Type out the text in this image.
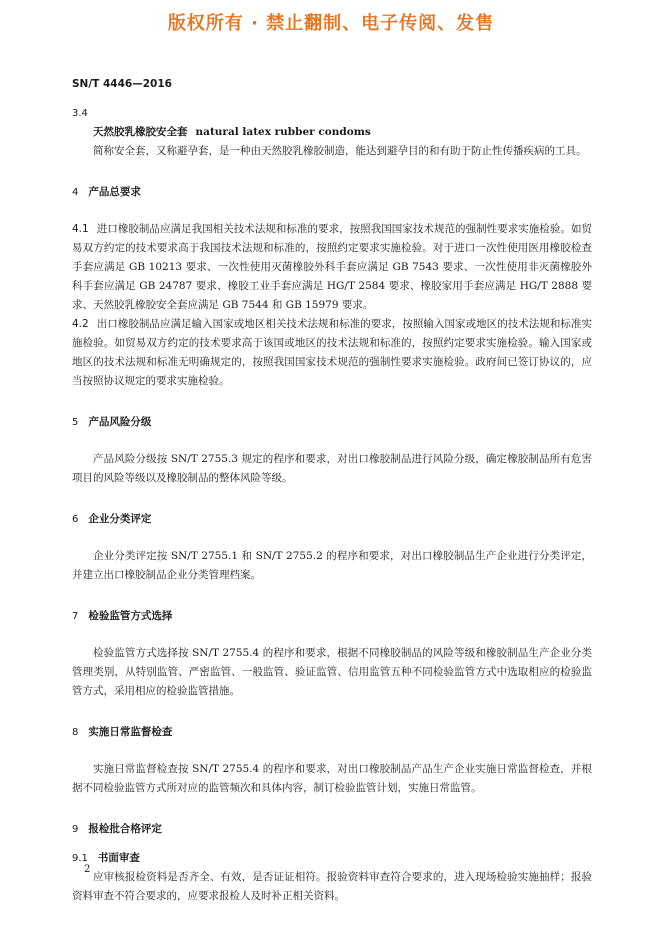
版权所有 · 禁止翻制、电子传阅、发售
SN/T 4446—2016
3.4
天然胶乳橡胶安全套 natural latex rubber condoms

简称安全套，又称避孕套，是一种由天然胶乳橡胶制造，能达到避孕目的和有助于防止性传播疾病的工具。

4 产品总要求

4.1 进口橡胶制品应满足我国相关技术法规和标准的要求，按照我国国家技术规范的强制性要求实施检验。如贸易双方约定的技术要求高于我国技术法规和标准的，按照约定要求实施检验。对于进口一次性使用医用橡胶检查手套应满足 GB 10213 要求、一次性使用灭菌橡胶外科手套应满足 GB 7543 要求、一次性使用非灭菌橡胶外科手套应满足 GB 24787 要求、橡胶工业手套应满足 HG/T 2584 要求、橡胶家用手套应满足 HG/T 2888 要求、天然胶乳橡胶安全套应满足 GB 7544 和 GB 15979 要求。

4.2 出口橡胶制品应满足输入国家或地区相关技术法规和标准的要求，按照输入国家或地区的技术法规和标准实施检验。如贸易双方约定的技术要求高于该国或地区的技术法规和标准的，按照约定要求实施检验。输入国家或地区的技术法规和标准无明确规定的，按照我国国家技术规范的强制性要求实施检验。政府间已签订协议的，应当按照协议规定的要求实施检验。

5 产品风险分级

产品风险分级按 SN/T 2755.3 规定的程序和要求，对出口橡胶制品进行风险分级，确定橡胶制品所有危害项目的风险等级以及橡胶制品的整体风险等级。

6 企业分类评定

企业分类评定按 SN/T 2755.1 和 SN/T 2755.2 的程序和要求，对出口橡胶制品生产企业进行分类评定，并建立出口橡胶制品企业分类管理档案。

7 检验监管方式选择

检验监管方式选择按 SN/T 2755.4 的程序和要求，根据不同橡胶制品的风险等级和橡胶制品生产企业分类管理类别，从特别监管、严密监管、一般监管、验证监管、信用监管五种不同检验监管方式中选取相应的检验监管方式，采用相应的检验监管措施。

8 实施日常监督检查

实施日常监督检查按 SN/T 2755.4 的程序和要求，对出口橡胶制品产品生产企业实施日常监督检查，并根据不同检验监管方式所对应的监管频次和具体内容，制订检验监管计划，实施日常监管。

9 报检批合格评定
9.1 书面审查

应审核报检资料是否齐全、有效，是否证证相符。报验资料审查符合要求的，进入现场检验实施抽样；报验资料审查不符合要求的，应要求报检人及时补正相关资料。

2
